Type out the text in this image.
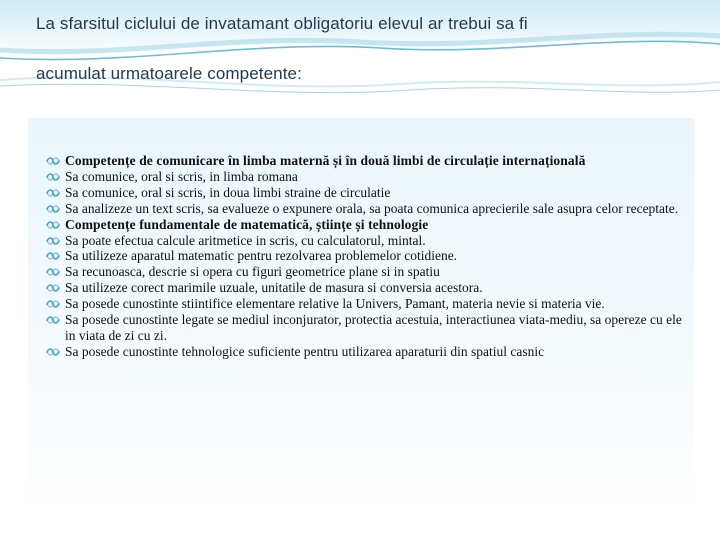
La sfarsitul ciclului de invatamant obligatoriu elevul ar trebui sa fi
acumulat urmatoarele competente:
Competențe de comunicare în limba maternă și în două limbi de circulație internațională
Sa comunice, oral si scris, in limba romana
Sa comunice, oral si scris, in doua limbi straine de circulatie
Sa analizeze un text scris, sa evalueze o expunere orala, sa poata comunica aprecierile sale asupra celor receptate.
Competențe fundamentale de matematică, științe și tehnologie
Sa poate efectua calcule aritmetice in scris, cu calculatorul, mintal.
Sa utilizeze aparatul matematic pentru rezolvarea problemelor cotidiene.
Sa recunoasca, descrie si opera cu figuri geometrice plane si in spatiu
Sa utilizeze corect marimile uzuale, unitatile de masura si conversia acestora.
Sa posede cunostinte stiintifice elementare relative la Univers, Pamant, materia nevie si materia vie.
Sa posede cunostinte legate se mediul inconjurator, protectia acestuia, interactiunea viata-mediu, sa opereze cu ele in viata de zi cu zi.
Sa posede cunostinte tehnologice suficiente pentru utilizarea aparaturii din spatiul casnic
